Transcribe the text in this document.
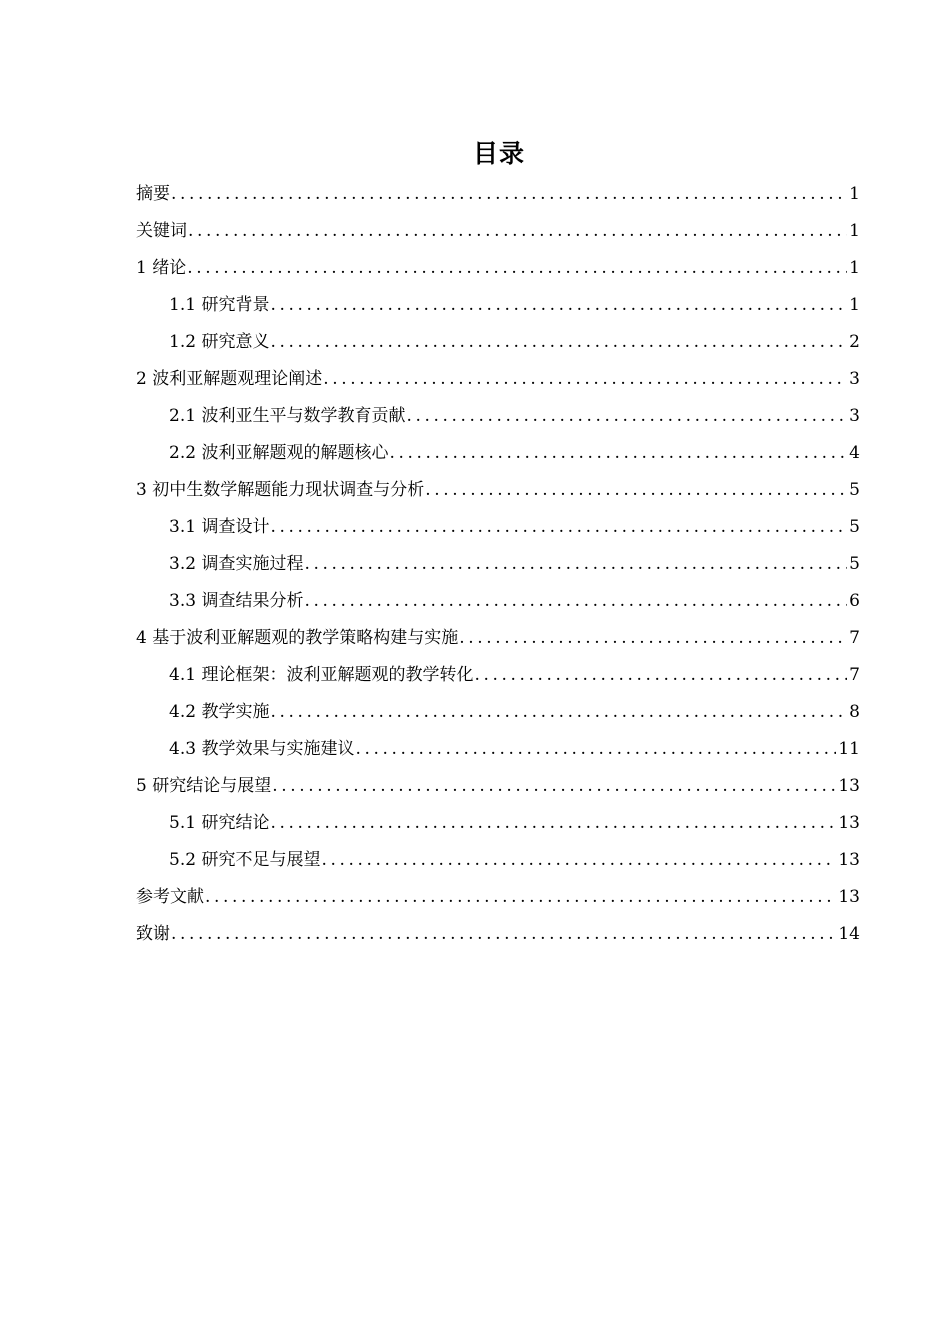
目录
摘要 .....	1
关键词 .....	1
1 绪论 .....	1
1.1 研究背景 .....	1
1.2 研究意义 .....	2
2 波利亚解题观理论阐述 .....	3
2.1 波利亚生平与数学教育贡献 .....	3
2.2 波利亚解题观的解题核心 .....	4
3 初中生数学解题能力现状调查与分析 .....	5
3.1 调查设计 .....	5
3.2 调查实施过程 .....	5
3.3 调查结果分析 .....	6
4 基于波利亚解题观的教学策略构建与实施 .....	7
4.1 理论框架：波利亚解题观的教学转化 .....	7
4.2 教学实施 .....	8
4.3 教学效果与实施建议 .....	11
5 研究结论与展望 .....	13
5.1 研究结论 .....	13
5.2 研究不足与展望 .....	13
参考文献 .....	13
致谢 .....	14
